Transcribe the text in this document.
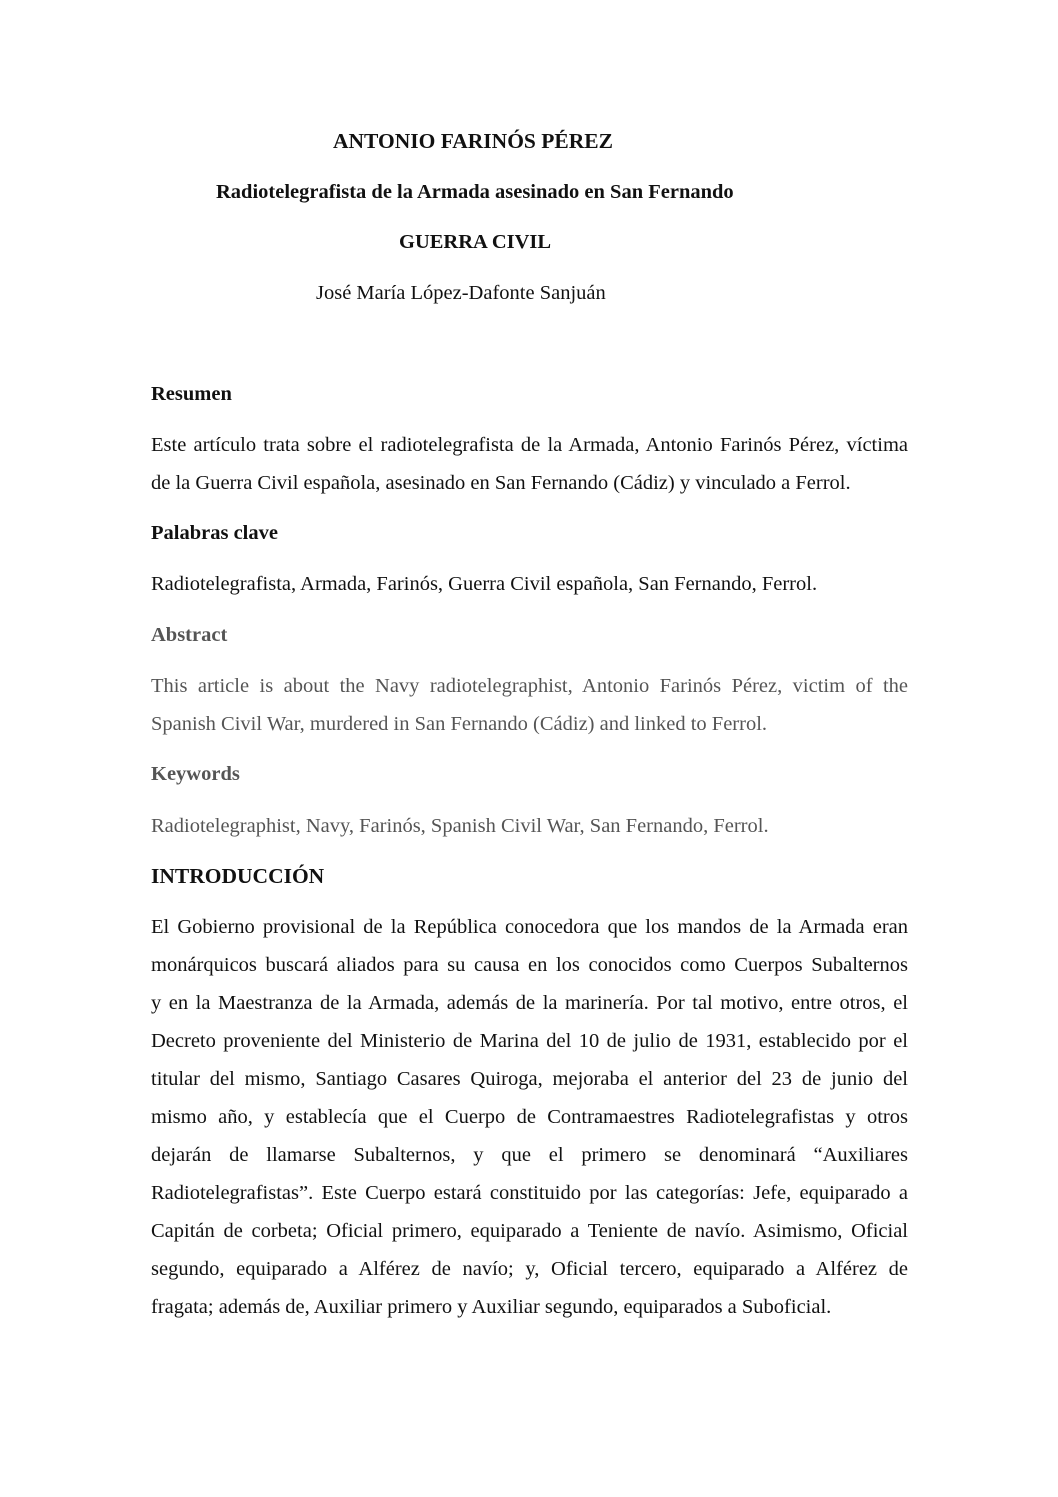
ANTONIO FARINÓS PÉREZ
Radiotelegrafista de la Armada asesinado en San Fernando
GUERRA CIVIL
José María López-Dafonte Sanjuán
Resumen
Este artículo trata sobre el radiotelegrafista de la Armada, Antonio Farinós Pérez, víctima
de la Guerra Civil española, asesinado en San Fernando (Cádiz) y vinculado a Ferrol.
Palabras clave
Radiotelegrafista, Armada, Farinós, Guerra Civil española, San Fernando, Ferrol.
Abstract
This article is about the Navy radiotelegraphist, Antonio Farinós Pérez, victim of the
Spanish Civil War, murdered in San Fernando (Cádiz) and linked to Ferrol.
Keywords
Radiotelegraphist, Navy, Farinós, Spanish Civil War, San Fernando, Ferrol.
INTRODUCCIÓN
El Gobierno provisional de la República conocedora que los mandos de la Armada eran
monárquicos buscará aliados para su causa en los conocidos como Cuerpos Subalternos
y en la Maestranza de la Armada, además de la marinería. Por tal motivo, entre otros, el
Decreto proveniente del Ministerio de Marina del 10 de julio de 1931, establecido por el
titular del mismo, Santiago Casares Quiroga, mejoraba el anterior del 23 de junio del
mismo año, y establecía que el Cuerpo de Contramaestres Radiotelegrafistas y otros
dejarán de llamarse Subalternos, y que el primero se denominará “Auxiliares
Radiotelegrafistas”. Este Cuerpo estará constituido por las categorías: Jefe, equiparado a
Capitán de corbeta; Oficial primero, equiparado a Teniente de navío. Asimismo, Oficial
segundo, equiparado a Alférez de navío; y, Oficial tercero, equiparado a Alférez de
fragata; además de, Auxiliar primero y Auxiliar segundo, equiparados a Suboficial.
